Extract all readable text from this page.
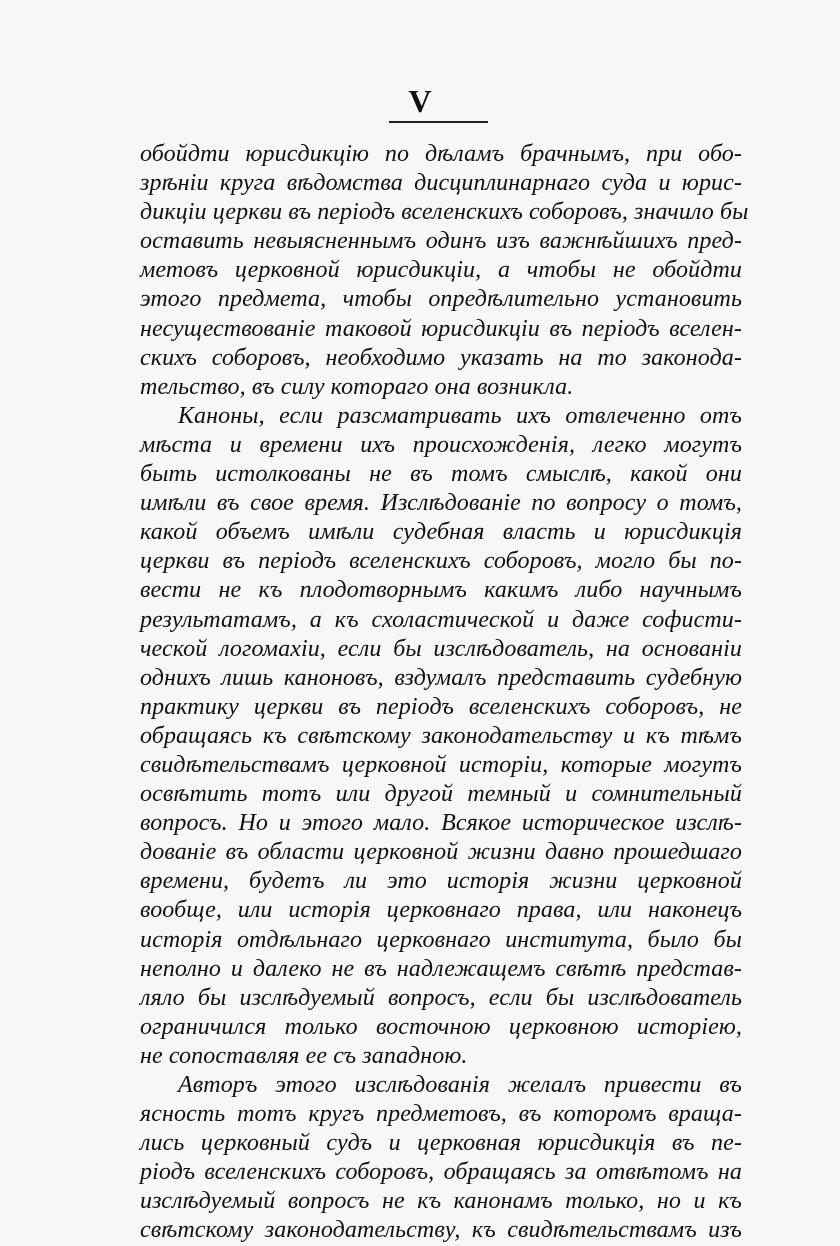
V
обойдти юрисдикцію по дѣламъ брачнымъ, при обо-
зрѣніи круга вѣдомства дисциплинарнаго суда и юрис-
дикціи церкви въ періодъ вселенскихъ соборовъ, значило бы
оставить невыясненнымъ одинъ изъ важнѣйшихъ пред-
метовъ церковной юрисдикціи, а чтобы не обойдти
этого предмета, чтобы опредѣлительно установить
несуществованіе таковой юрисдикціи въ періодъ вселен-
скихъ соборовъ, необходимо указать на то законода-
тельство, въ силу котораго она возникла.
Каноны, если разсматривать ихъ отвлеченно отъ
мѣста и времени ихъ происхожденія, легко могутъ
быть истолкованы не въ томъ смыслѣ, какой они
имѣли въ свое время. Изслѣдованіе по вопросу о томъ,
какой объемъ имѣли судебная власть и юрисдикція
церкви въ періодъ вселенскихъ соборовъ, могло бы по-
вести не къ плодотворнымъ какимъ либо научнымъ
результатамъ, а къ схоластической и даже софисти-
ческой логомахіи, если бы изслѣдователь, на основаніи
однихъ лишь каноновъ, вздумалъ представить судебную
практику церкви въ періодъ вселенскихъ соборовъ, не
обращаясь къ свѣтскому законодательству и къ тѣмъ
свидѣтельствамъ церковной исторіи, которые могутъ
освѣтить тотъ или другой темный и сомнительный
вопросъ. Но и этого мало. Всякое историческое изслѣ-
дованіе въ области церковной жизни давно прошедшаго
времени, будетъ ли это исторія жизни церковной
вообще, или исторія церковнаго права, или наконецъ
исторія отдѣльнаго церковнаго института, было бы
неполно и далеко не въ надлежащемъ свѣтѣ представ-
ляло бы изслѣдуемый вопросъ, если бы изслѣдователь
ограничился только восточною церковною исторіею,
не сопоставляя ее съ западною.
Авторъ этого изслѣдованія желалъ привести въ
ясность тотъ кругъ предметовъ, въ которомъ враща-
лись церковный судъ и церковная юрисдикція въ пе-
ріодъ вселенскихъ соборовъ, обращаясь за отвѣтомъ на
изслѣдуемый вопросъ не къ канонамъ только, но и къ
свѣтскому законодательству, къ свидѣтельствамъ изъ
